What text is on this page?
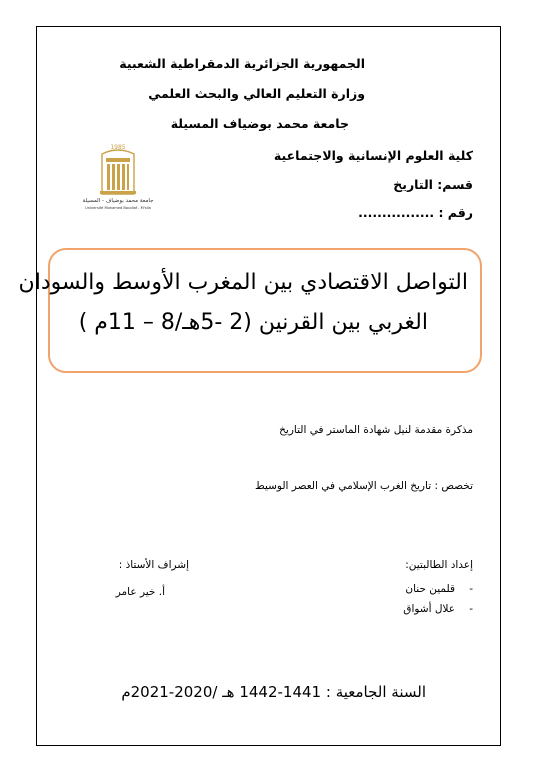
الجمهورية الجزائرية الدمقراطية الشعبية
وزارة التعليم العالي والبحث العلمي
جامعة محمد بوضياف المسيلة
كلية العلوم الإنسانية والاجتماعية
قسم: التاريخ
رقم : ................
1985
جامعة محمد بوضياف - المسيلة
Université Mohamed Boudiaf - M'sila
التواصل الاقتصادي بين المغرب الأوسط والسودان
الغربي بين القرنين (2 -5هـ/8 – 11م )
مذكرة مقدمة لنيل شهادة الماستر في التاريخ
تخصص : تاريخ الغرب الإسلامي في العصر الوسيط
إعداد الطالبتين:
قلمين حنان -
علال أشواق -
إشراف الأستاذ :
أ. خير عامر
السنة الجامعية : 1441-1442 هـ /2020-2021م
